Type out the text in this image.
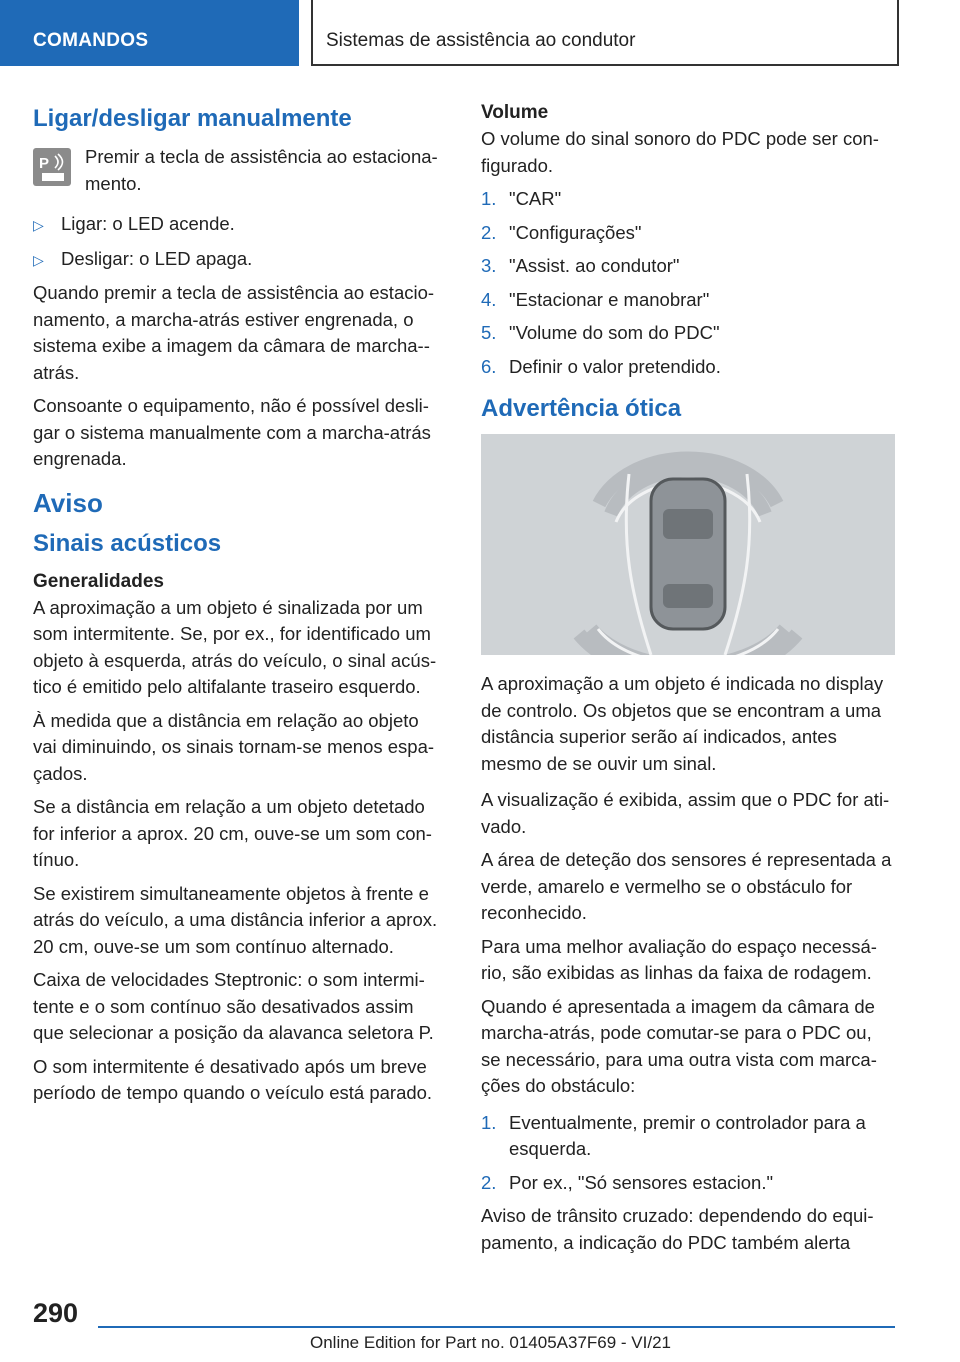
COMANDOS	Sistemas de assistência ao condutor
Ligar/desligar manualmente
P Premir a tecla de assistência ao estaciona-mento.
▷ Ligar: o LED acende.
▷ Desligar: o LED apaga.

Quando premir a tecla de assistência ao estacio-namento, a marcha-atrás estiver engrenada, o sistema exibe a imagem da câmara de marcha--atrás.

Consoante o equipamento, não é possível desli-gar o sistema manualmente com a marcha-atrás engrenada.

Aviso
Sinais acústicos
Generalidades

A aproximação a um objeto é sinalizada por um som intermitente. Se, por ex., for identificado um objeto à esquerda, atrás do veículo, o sinal acús-tico é emitido pelo altifalante traseiro esquerdo.

À medida que a distância em relação ao objeto vai diminuindo, os sinais tornam-se menos espa-çados.

Se a distância em relação a um objeto detetado for inferior a aprox. 20 cm, ouve-se um som con-tínuo.

Se existirem simultaneamente objetos à frente e atrás do veículo, a uma distância inferior a aprox. 20 cm, ouve-se um som contínuo alternado.

Caixa de velocidades Steptronic: o som intermi-tente e o som contínuo são desativados assim que selecionar a posição da alavanca seletora P.

O som intermitente é desativado após um breve período de tempo quando o veículo está parado.

Volume

O volume do sinal sonoro do PDC pode ser con-figurado.

1. "CAR"
2. "Configurações"
3. "Assist. ao condutor"
4. "Estacionar e manobrar"
5. "Volume do som do PDC"
6. Definir o valor pretendido.
Advertência ótica

A aproximação a um objeto é indicada no display de controlo. Os objetos que se encontram a uma distância superior serão aí indicados, antes mesmo de se ouvir um sinal.

A visualização é exibida, assim que o PDC for ati-vado.

A área de deteção dos sensores é representada a verde, amarelo e vermelho se o obstáculo for reconhecido.

Para uma melhor avaliação do espaço necessá-rio, são exibidas as linhas da faixa de rodagem.

Quando é apresentada a imagem da câmara de marcha-atrás, pode comutar-se para o PDC ou, se necessário, para uma outra vista com marca-ções do obstáculo:

1. Eventualmente, premir o controlador para a esquerda.
2. Por ex., "Só sensores estacion."

Aviso de trânsito cruzado: dependendo do equi-pamento, a indicação do PDC também alerta

290
Online Edition for Part no. 01405A37F69 - VI/21
